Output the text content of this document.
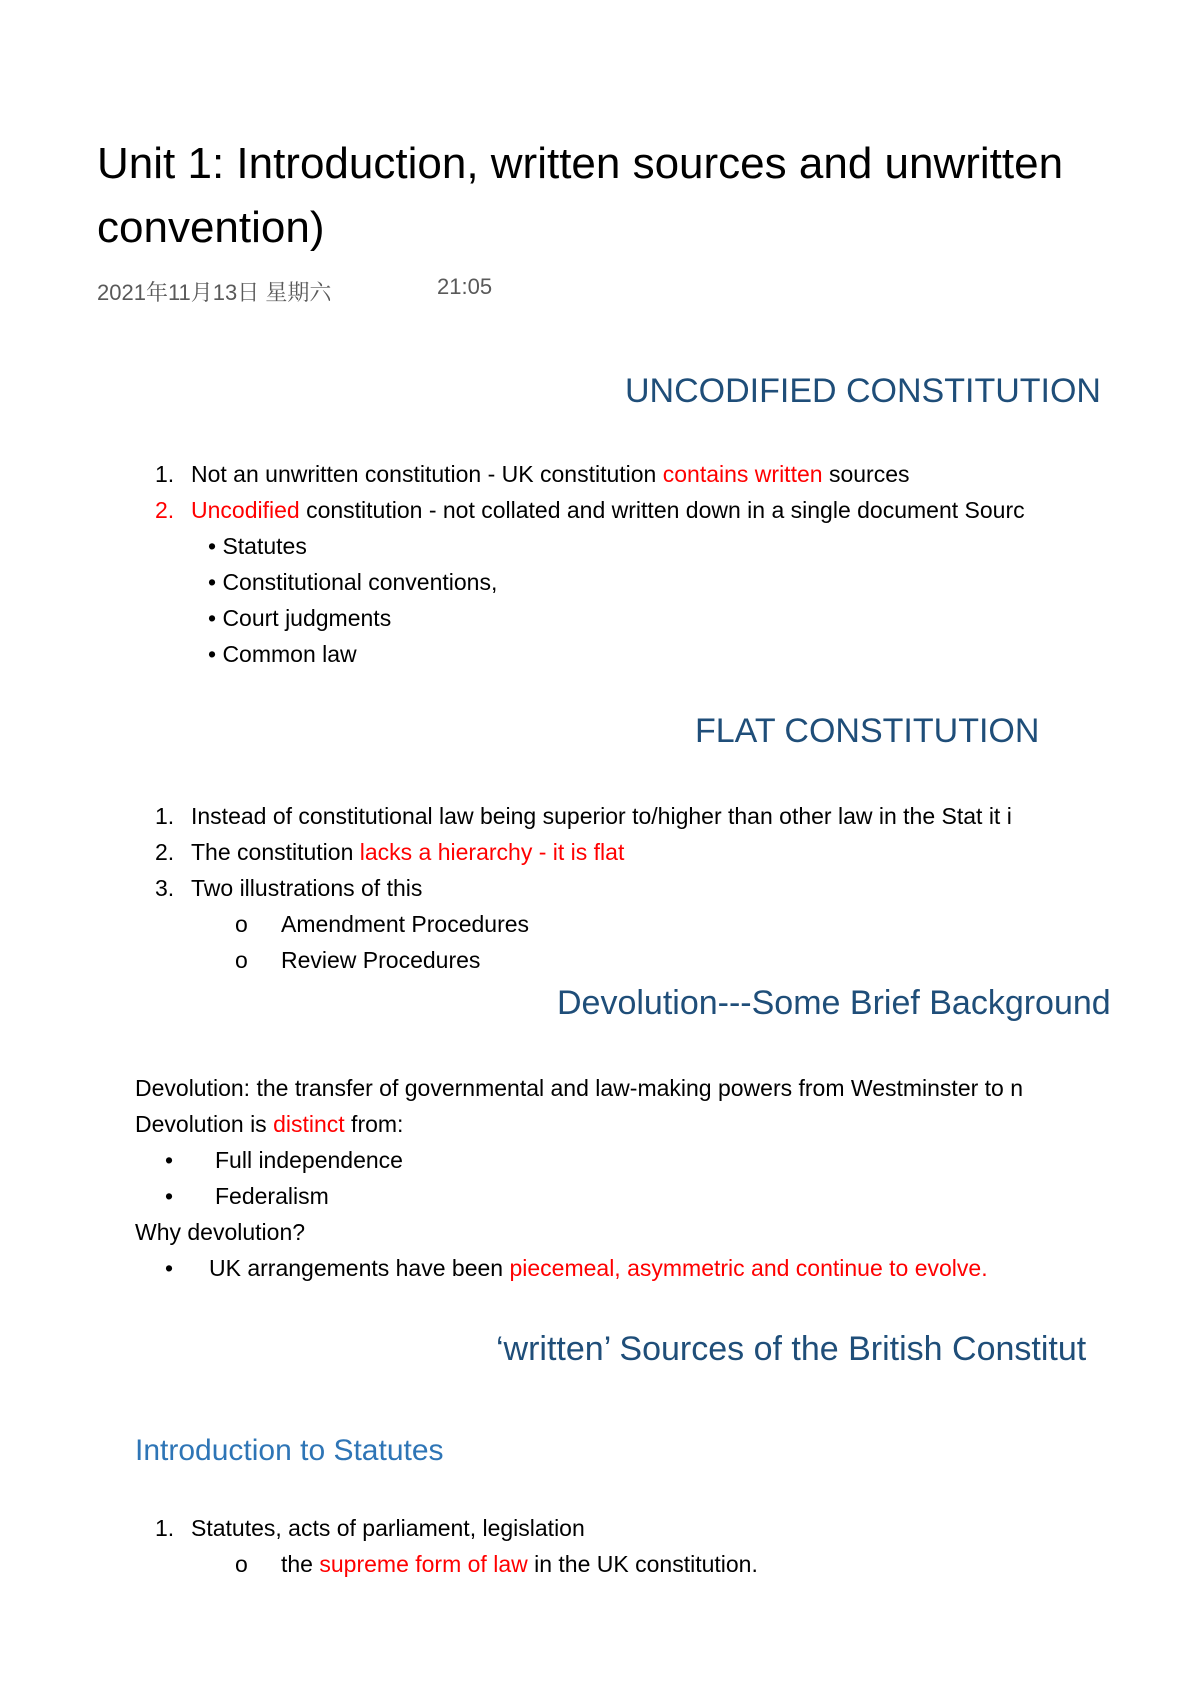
Unit 1: Introduction, written sources and unwritten
convention)
2021年11月13日 星期六	21:05
UNCODIFIED CONSTITUTION
1. Not an unwritten constitution - UK constitution contains written sources
2. Uncodified constitution - not collated and written down in a single document Sourc
• Statutes
• Constitutional conventions,
• Court judgments
• Common law
FLAT CONSTITUTION
1. Instead of constitutional law being superior to/higher than other law in the Stat it i
2. The constitution lacks a hierarchy - it is flat
3. Two illustrations of this
o Amendment Procedures
o Review Procedures
Devolution---Some Brief Background
Devolution: the transfer of governmental and law-making powers from Westminster to n
Devolution is distinct from:
• Full independence
• Federalism
Why devolution?
• UK arrangements have been piecemeal, asymmetric and continue to evolve.
‘written’ Sources of the British Constitut
Introduction to Statutes
1. Statutes, acts of parliament, legislation
o the supreme form of law in the UK constitution.
